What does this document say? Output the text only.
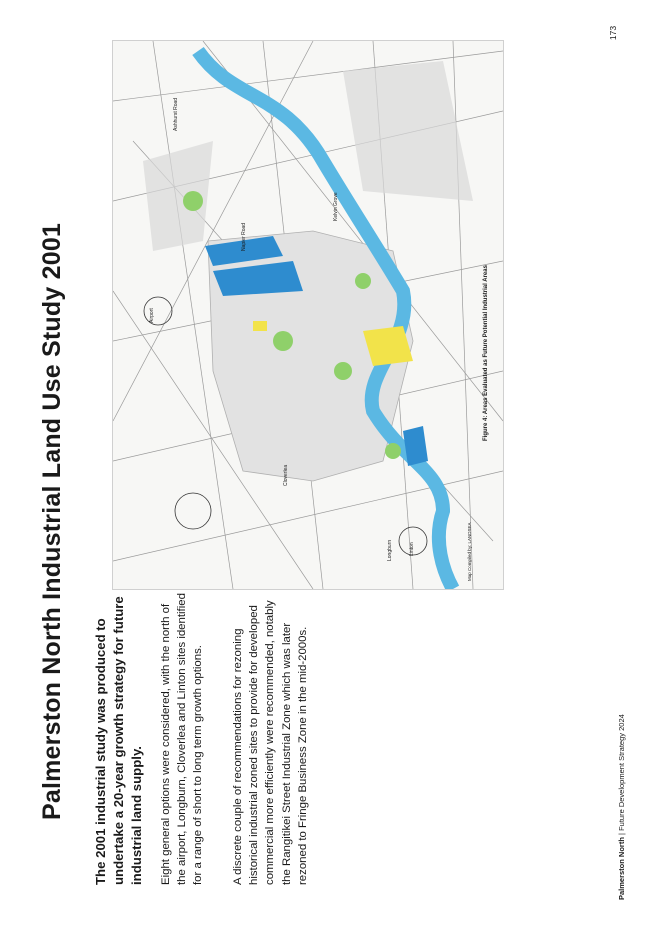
Palmerston North Industrial Land Use Study 2001 The 2001 industrial study was produced to undertake a 20-year growth strategy for future industrial land supply. Eight general options were considered, with the north of the airport, Longburn, Cloverlea and Linton sites identified for a range of short to long term growth options. A discrete couple of recommendations for rezoning historical industrial zoned sites to provide for developed commercial more efficiently were recommended, notably the Rangitikei Street Industrial Zone which was later rezoned to Fringe Business Zone in the mid-2000s.
Figure 4: Areas Evaluated as Future Potential Industrial Areas
Longburn
Cloverlea
Airport
Kelvin Grove
Linton
Ashhurst Road
Napier Road
Map Compiled by: LANDSEA
Palmerston North | Future Development Strategy 2024
173
